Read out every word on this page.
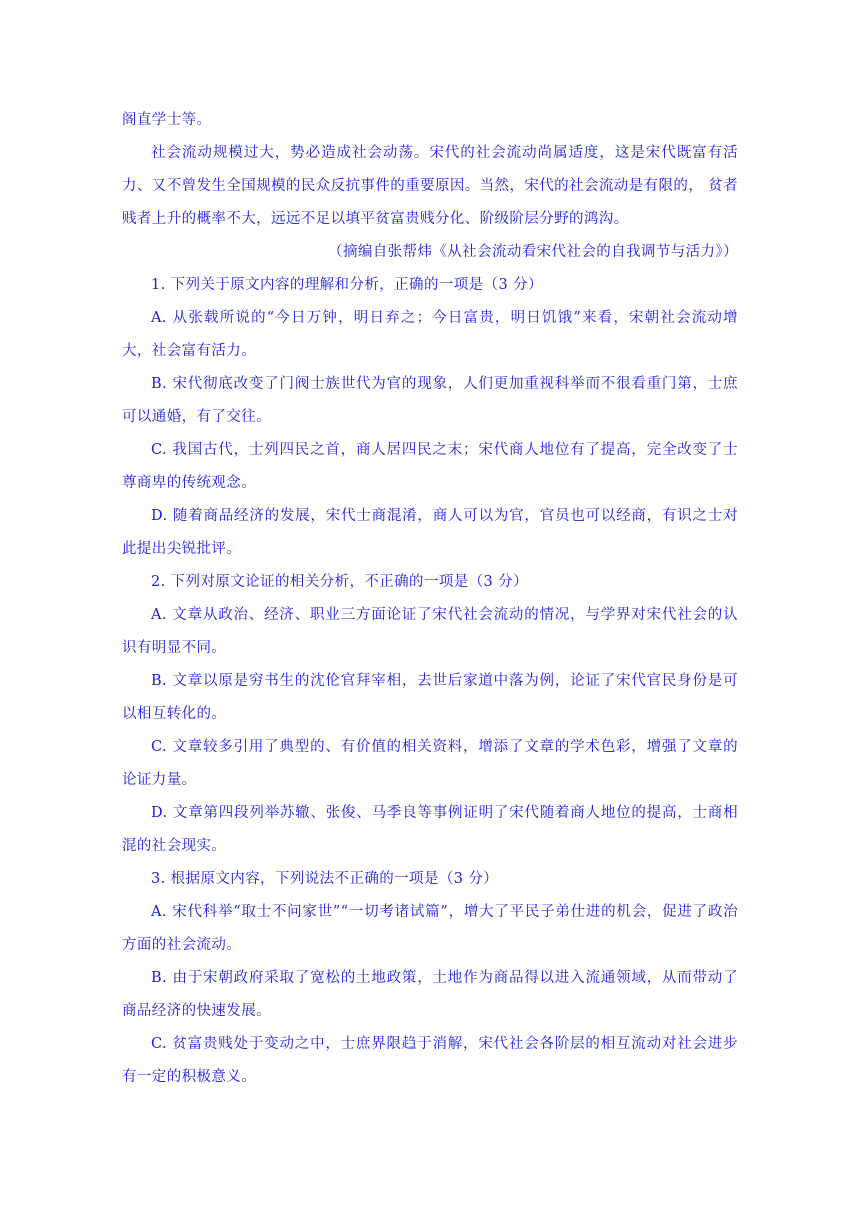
阁直学士等。

社会流动规模过大，势必造成社会动荡。宋代的社会流动尚属适度，这是宋代既富有活力、又不曾发生全国规模的民众反抗事件的重要原因。当然，宋代的社会流动是有限的， 贫者贱者上升的概率不大，远远不足以填平贫富贵贱分化、阶级阶层分野的鸿沟。

（摘编自张帮炜《从社会流动看宋代社会的自我调节与活力》）

1. 下列关于原文内容的理解和分析，正确的一项是（3 分）

A. 从张载所说的“今日万钟，明日弃之；今日富贵，明日饥饿”来看，宋朝社会流动增大，社会富有活力。

B. 宋代彻底改变了门阀士族世代为官的现象，人们更加重视科举而不很看重门第，士庶可以通婚，有了交往。

C. 我国古代，士列四民之首，商人居四民之末；宋代商人地位有了提高，完全改变了士尊商卑的传统观念。

D. 随着商品经济的发展，宋代士商混淆，商人可以为官，官员也可以经商，有识之士对此提出尖锐批评。

2. 下列对原文论证的相关分析，不正确的一项是（3 分）

A. 文章从政治、经济、职业三方面论证了宋代社会流动的情况，与学界对宋代社会的认识有明显不同。

B. 文章以原是穷书生的沈伦官拜宰相，去世后家道中落为例，论证了宋代官民身份是可以相互转化的。

C. 文章较多引用了典型的、有价值的相关资料，增添了文章的学术色彩，增强了文章的论证力量。

D. 文章第四段列举苏辙、张俊、马季良等事例证明了宋代随着商人地位的提高，士商相混的社会现实。

3. 根据原文内容，下列说法不正确的一项是（3 分）

A. 宋代科举“取士不问家世”“一切考诸试篇”，增大了平民子弟仕进的机会，促进了政治方面的社会流动。

B. 由于宋朝政府采取了宽松的土地政策，土地作为商品得以进入流通领域，从而带动了商品经济的快速发展。

C. 贫富贵贱处于变动之中，士庶界限趋于消解，宋代社会各阶层的相互流动对社会进步有一定的积极意义。
